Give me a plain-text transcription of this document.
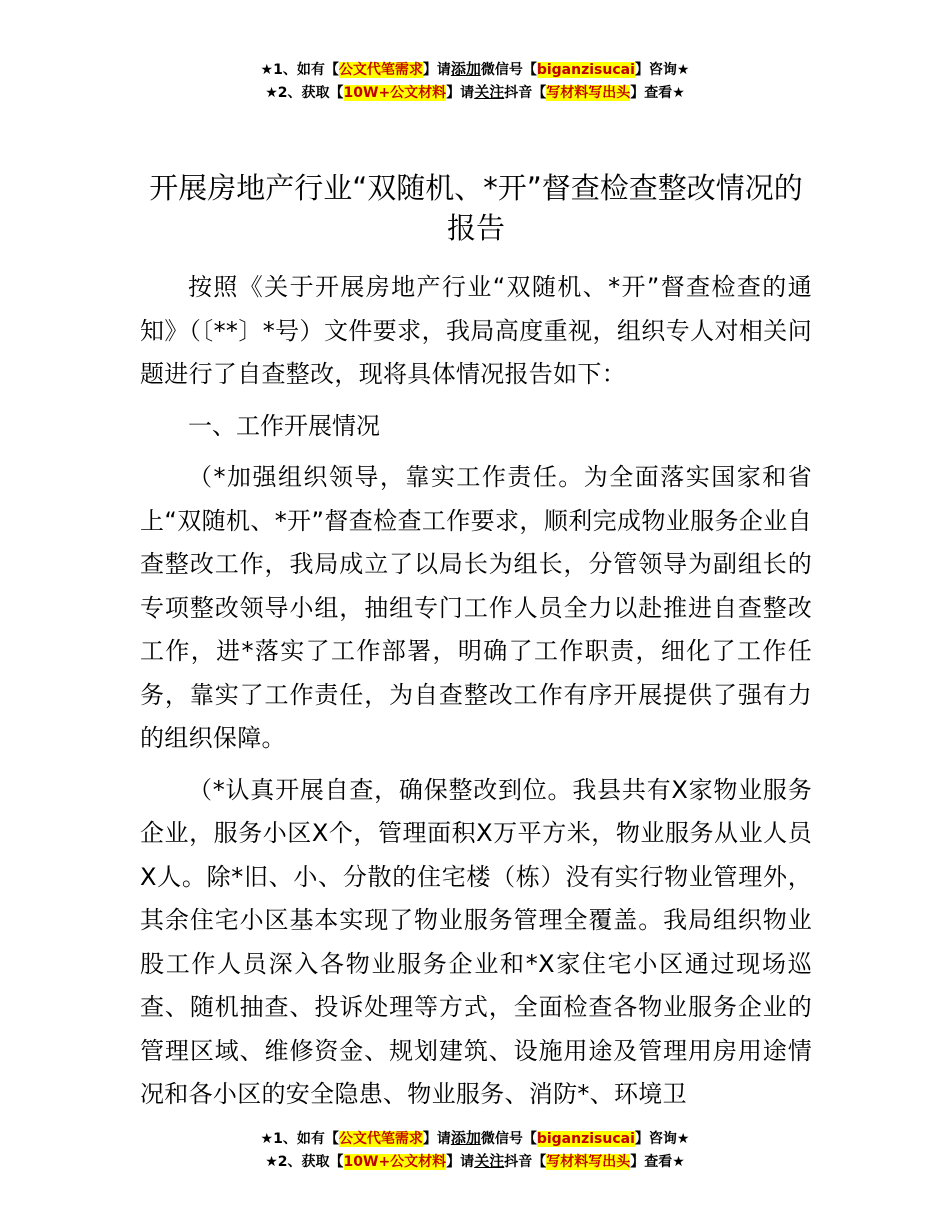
★1、如有【公文代笔需求】请添加微信号【biganzisucai】咨询★
★2、获取【10W+公文材料】请关注抖音【写材料写出头】查看★
开展房地产行业“双随机、*开”督查检查整改情况的报告

按照《关于开展房地产行业“双随机、*开”督查检查的通知》（〔**〕*号）文件要求，我局高度重视，组织专人对相关问题进行了自查整改，现将具体情况报告如下：

一、工作开展情况

（*加强组织领导，靠实工作责任。为全面落实国家和省上“双随机、*开”督查检查工作要求，顺利完成物业服务企业自查整改工作，我局成立了以局长为组长，分管领导为副组长的专项整改领导小组，抽组专门工作人员全力以赴推进自查整改工作，进*落实了工作部署，明确了工作职责，细化了工作任务，靠实了工作责任，为自查整改工作有序开展提供了强有力的组织保障。

（*认真开展自查，确保整改到位。我县共有X家物业服务企业，服务小区X个，管理面积X万平方米，物业服务从业人员X人。除*旧、小、分散的住宅楼（栋）没有实行物业管理外，其余住宅小区基本实现了物业服务管理全覆盖。我局组织物业股工作人员深入各物业服务企业和*X家住宅小区通过现场巡查、随机抽查、投诉处理等方式，全面检查各物业服务企业的管理区域、维修资金、规划建筑、设施用途及管理用房用途情况和各小区的安全隐患、物业服务、消防*、环境卫

★1、如有【公文代笔需求】请添加微信号【biganzisucai】咨询★
★2、获取【10W+公文材料】请关注抖音【写材料写出头】查看★
